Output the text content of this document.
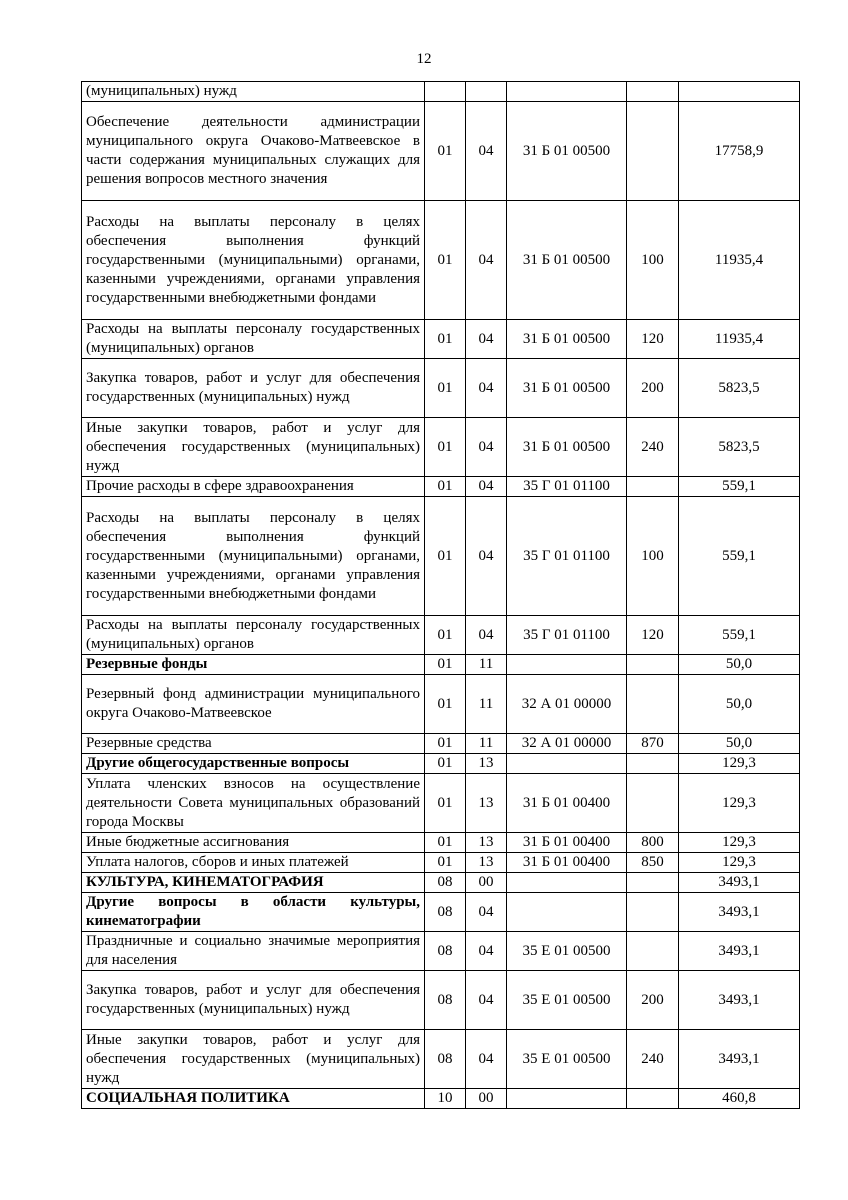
12
(муниципальных) нужд					
Обеспечение деятельности администрации муниципального округа Очаково-Матвеевское в части содержания муниципальных служащих для решения вопросов местного значения	01	04	31 Б 01 00500		17758,9
Расходы на выплаты персоналу в целях обеспечения выполнения функций государственными (муниципальными) органами, казенными учреждениями, органами управления государственными внебюджетными фондами	01	04	31 Б 01 00500	100	11935,4
Расходы на выплаты персоналу государственных (муниципальных) органов	01	04	31 Б 01 00500	120	11935,4
Закупка товаров, работ и услуг для обеспечения государственных (муниципальных) нужд	01	04	31 Б 01 00500	200	5823,5
Иные закупки товаров, работ и услуг для обеспечения государственных (муниципальных) нужд	01	04	31 Б 01 00500	240	5823,5
Прочие расходы в сфере здравоохранения	01	04	35 Г 01 01100		559,1
Расходы на выплаты персоналу в целях обеспечения выполнения функций государственными (муниципальными) органами, казенными учреждениями, органами управления государственными внебюджетными фондами	01	04	35 Г 01 01100	100	559,1
Расходы на выплаты персоналу государственных (муниципальных) органов	01	04	35 Г 01 01100	120	559,1
Резервные фонды	01	11			50,0
Резервный фонд администрации муниципального округа Очаково-Матвеевское	01	11	32 А 01 00000		50,0
Резервные средства	01	11	32 А 01 00000	870	50,0
Другие общегосударственные вопросы	01	13			129,3
Уплата членских взносов на осуществление деятельности Совета муниципальных образований города Москвы	01	13	31 Б 01 00400		129,3
Иные бюджетные ассигнования	01	13	31 Б 01 00400	800	129,3
Уплата налогов, сборов и иных платежей	01	13	31 Б 01 00400	850	129,3
КУЛЬТУРА, КИНЕМАТОГРАФИЯ	08	00			3493,1
Другие вопросы в области культуры, кинематографии	08	04			3493,1
Праздничные и социально значимые мероприятия для населения	08	04	35 Е 01 00500		3493,1
Закупка товаров, работ и услуг для обеспечения государственных (муниципальных) нужд	08	04	35 Е 01 00500	200	3493,1
Иные закупки товаров, работ и услуг для обеспечения государственных (муниципальных) нужд	08	04	35 Е 01 00500	240	3493,1
СОЦИАЛЬНАЯ ПОЛИТИКА	10	00			460,8
